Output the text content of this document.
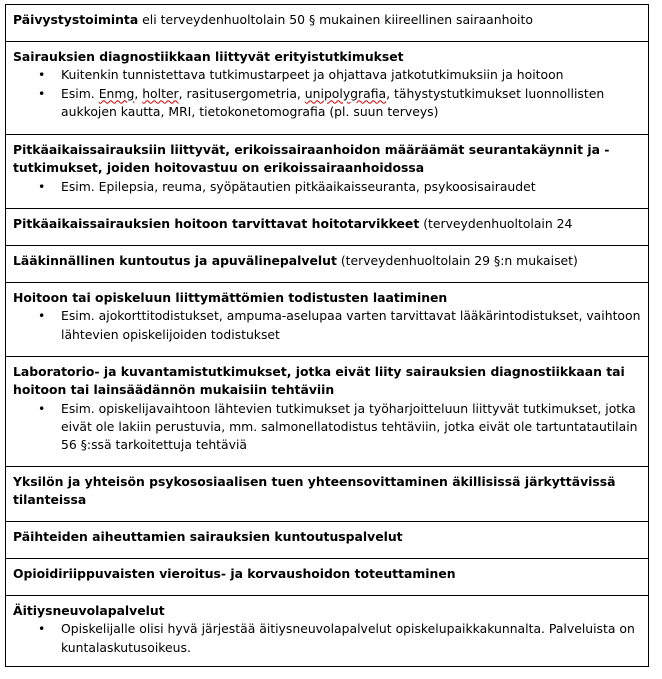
Päivystystoiminta eli terveydenhuoltolain 50 § mukainen kiireellinen sairaanhoito

Sairauksien diagnostiikkaan liittyvät erityistutkimukset
• Kuitenkin tunnistettava tutkimustarpeet ja ohjattava jatkotutkimuksiin ja hoitoon
• Esim. Enmg, holter, rasitusergometria, unipolygrafia, tähystystutkimukset luonnollisten aukkojen kautta, MRI, tietokonetomografia (pl. suun terveys)

Pitkäaikaissairauksiin liittyvät, erikoissairaanhoidon määräämät seurantakäynnit ja -tutkimukset, joiden hoitovastuu on erikoissairaanhoidossa
• Esim. Epilepsia, reuma, syöpätautien pitkäaikaisseuranta, psykoosisairaudet

Pitkäaikaissairauksien hoitoon tarvittavat hoitotarvikkeet (terveydenhuoltolain 24
Lääkinnällinen kuntoutus ja apuvälinepalvelut (terveydenhuoltolain 29 §:n mukaiset)

Hoitoon tai opiskeluun liittymättömien todistusten laatiminen
• Esim. ajokorttitodistukset, ampuma-aselupaa varten tarvittavat lääkärintodistukset, vaihtoon lähtevien opiskelijoiden todistukset

Laboratorio- ja kuvantamistutkimukset, jotka eivät liity sairauksien diagnostiikkaan tai hoitoon tai lainsäädännön mukaisiin tehtäviin
• Esim. opiskelijavaihtoon lähtevien tutkimukset ja työharjoitteluun liittyvät tutkimukset, jotka eivät ole lakiin perustuvia, mm. salmonellatodistus tehtäviin, jotka eivät ole tartuntatautilain 56 §:ssä tarkoitettuja tehtäviä

Yksilön ja yhteisön psykososiaalisen tuen yhteensovittaminen äkillisissä järkyttävissä tilanteissa

Päihteiden aiheuttamien sairauksien kuntoutuspalvelut

Opioidiriippuvaisten vieroitus- ja korvaushoidon toteuttaminen

Äitiysneuvolapalvelut
• Opiskelijalle olisi hyvä järjestää äitiysneuvolapalvelut opiskelupaikkakunnalta. Palveluista on kuntalaskutusoikeus.
